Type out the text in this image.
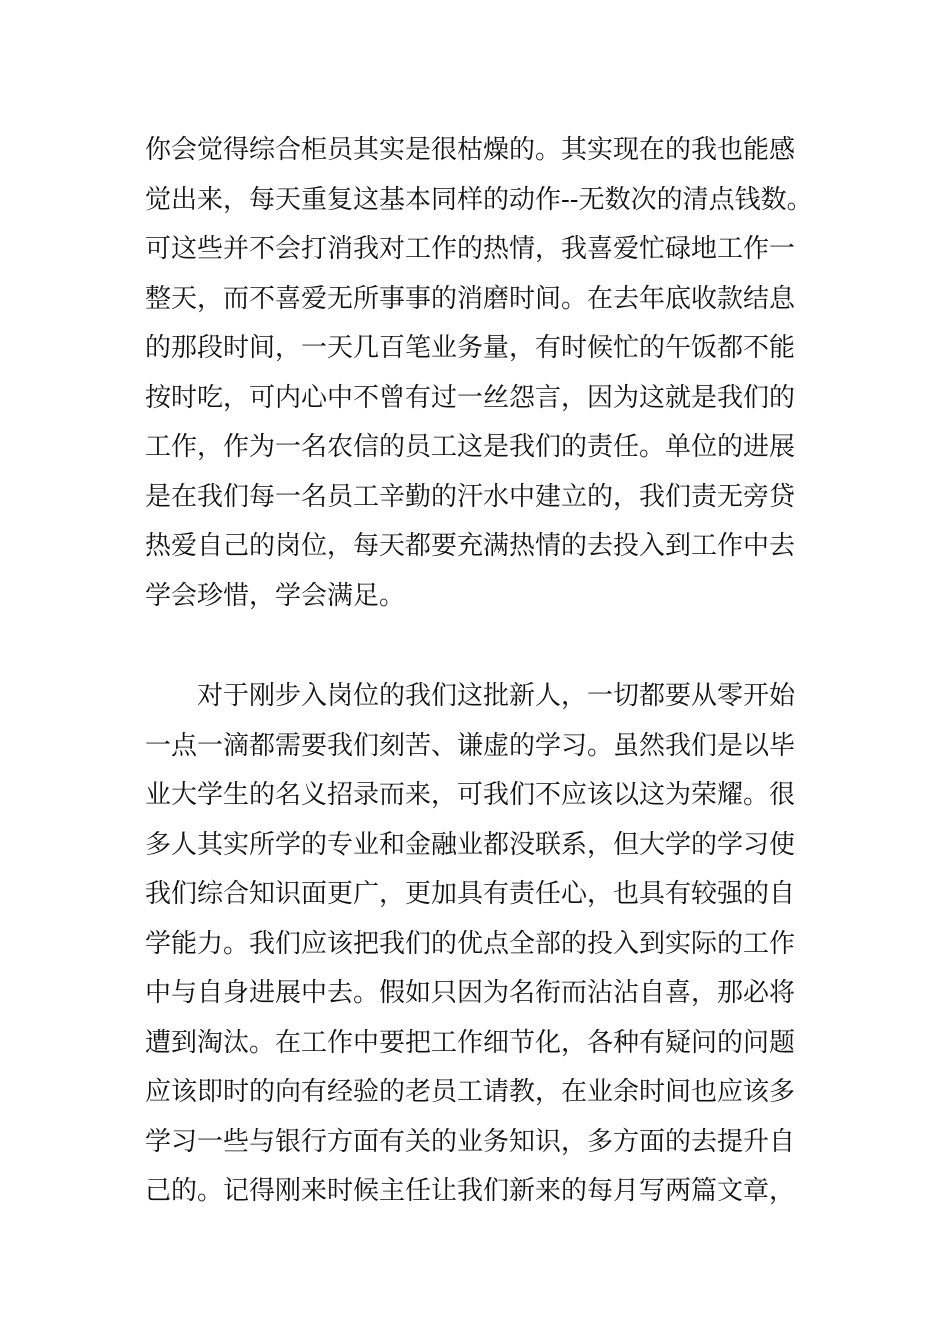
你会觉得综合柜员其实是很枯燥的。其实现在的我也能感
觉出来，每天重复这基本同样的动作--无数次的清点钱数。
可这些并不会打消我对工作的热情，我喜爱忙碌地工作一
整天，而不喜爱无所事事的消磨时间。在去年底收款结息
的那段时间，一天几百笔业务量，有时候忙的午饭都不能
按时吃，可内心中不曾有过一丝怨言，因为这就是我们的
工作，作为一名农信的员工这是我们的责任。单位的进展
是在我们每一名员工辛勤的汗水中建立的，我们责无旁贷
热爱自己的岗位，每天都要充满热情的去投入到工作中去
学会珍惜，学会满足。
　　对于刚步入岗位的我们这批新人，一切都要从零开始
一点一滴都需要我们刻苦、谦虚的学习。虽然我们是以毕
业大学生的名义招录而来，可我们不应该以这为荣耀。很
多人其实所学的专业和金融业都没联系，但大学的学习使
我们综合知识面更广，更加具有责任心，也具有较强的自
学能力。我们应该把我们的优点全部的投入到实际的工作
中与自身进展中去。假如只因为名衔而沾沾自喜，那必将
遭到淘汰。在工作中要把工作细节化，各种有疑问的问题
应该即时的向有经验的老员工请教，在业余时间也应该多
学习一些与银行方面有关的业务知识，多方面的去提升自
己的。记得刚来时候主任让我们新来的每月写两篇文章，
